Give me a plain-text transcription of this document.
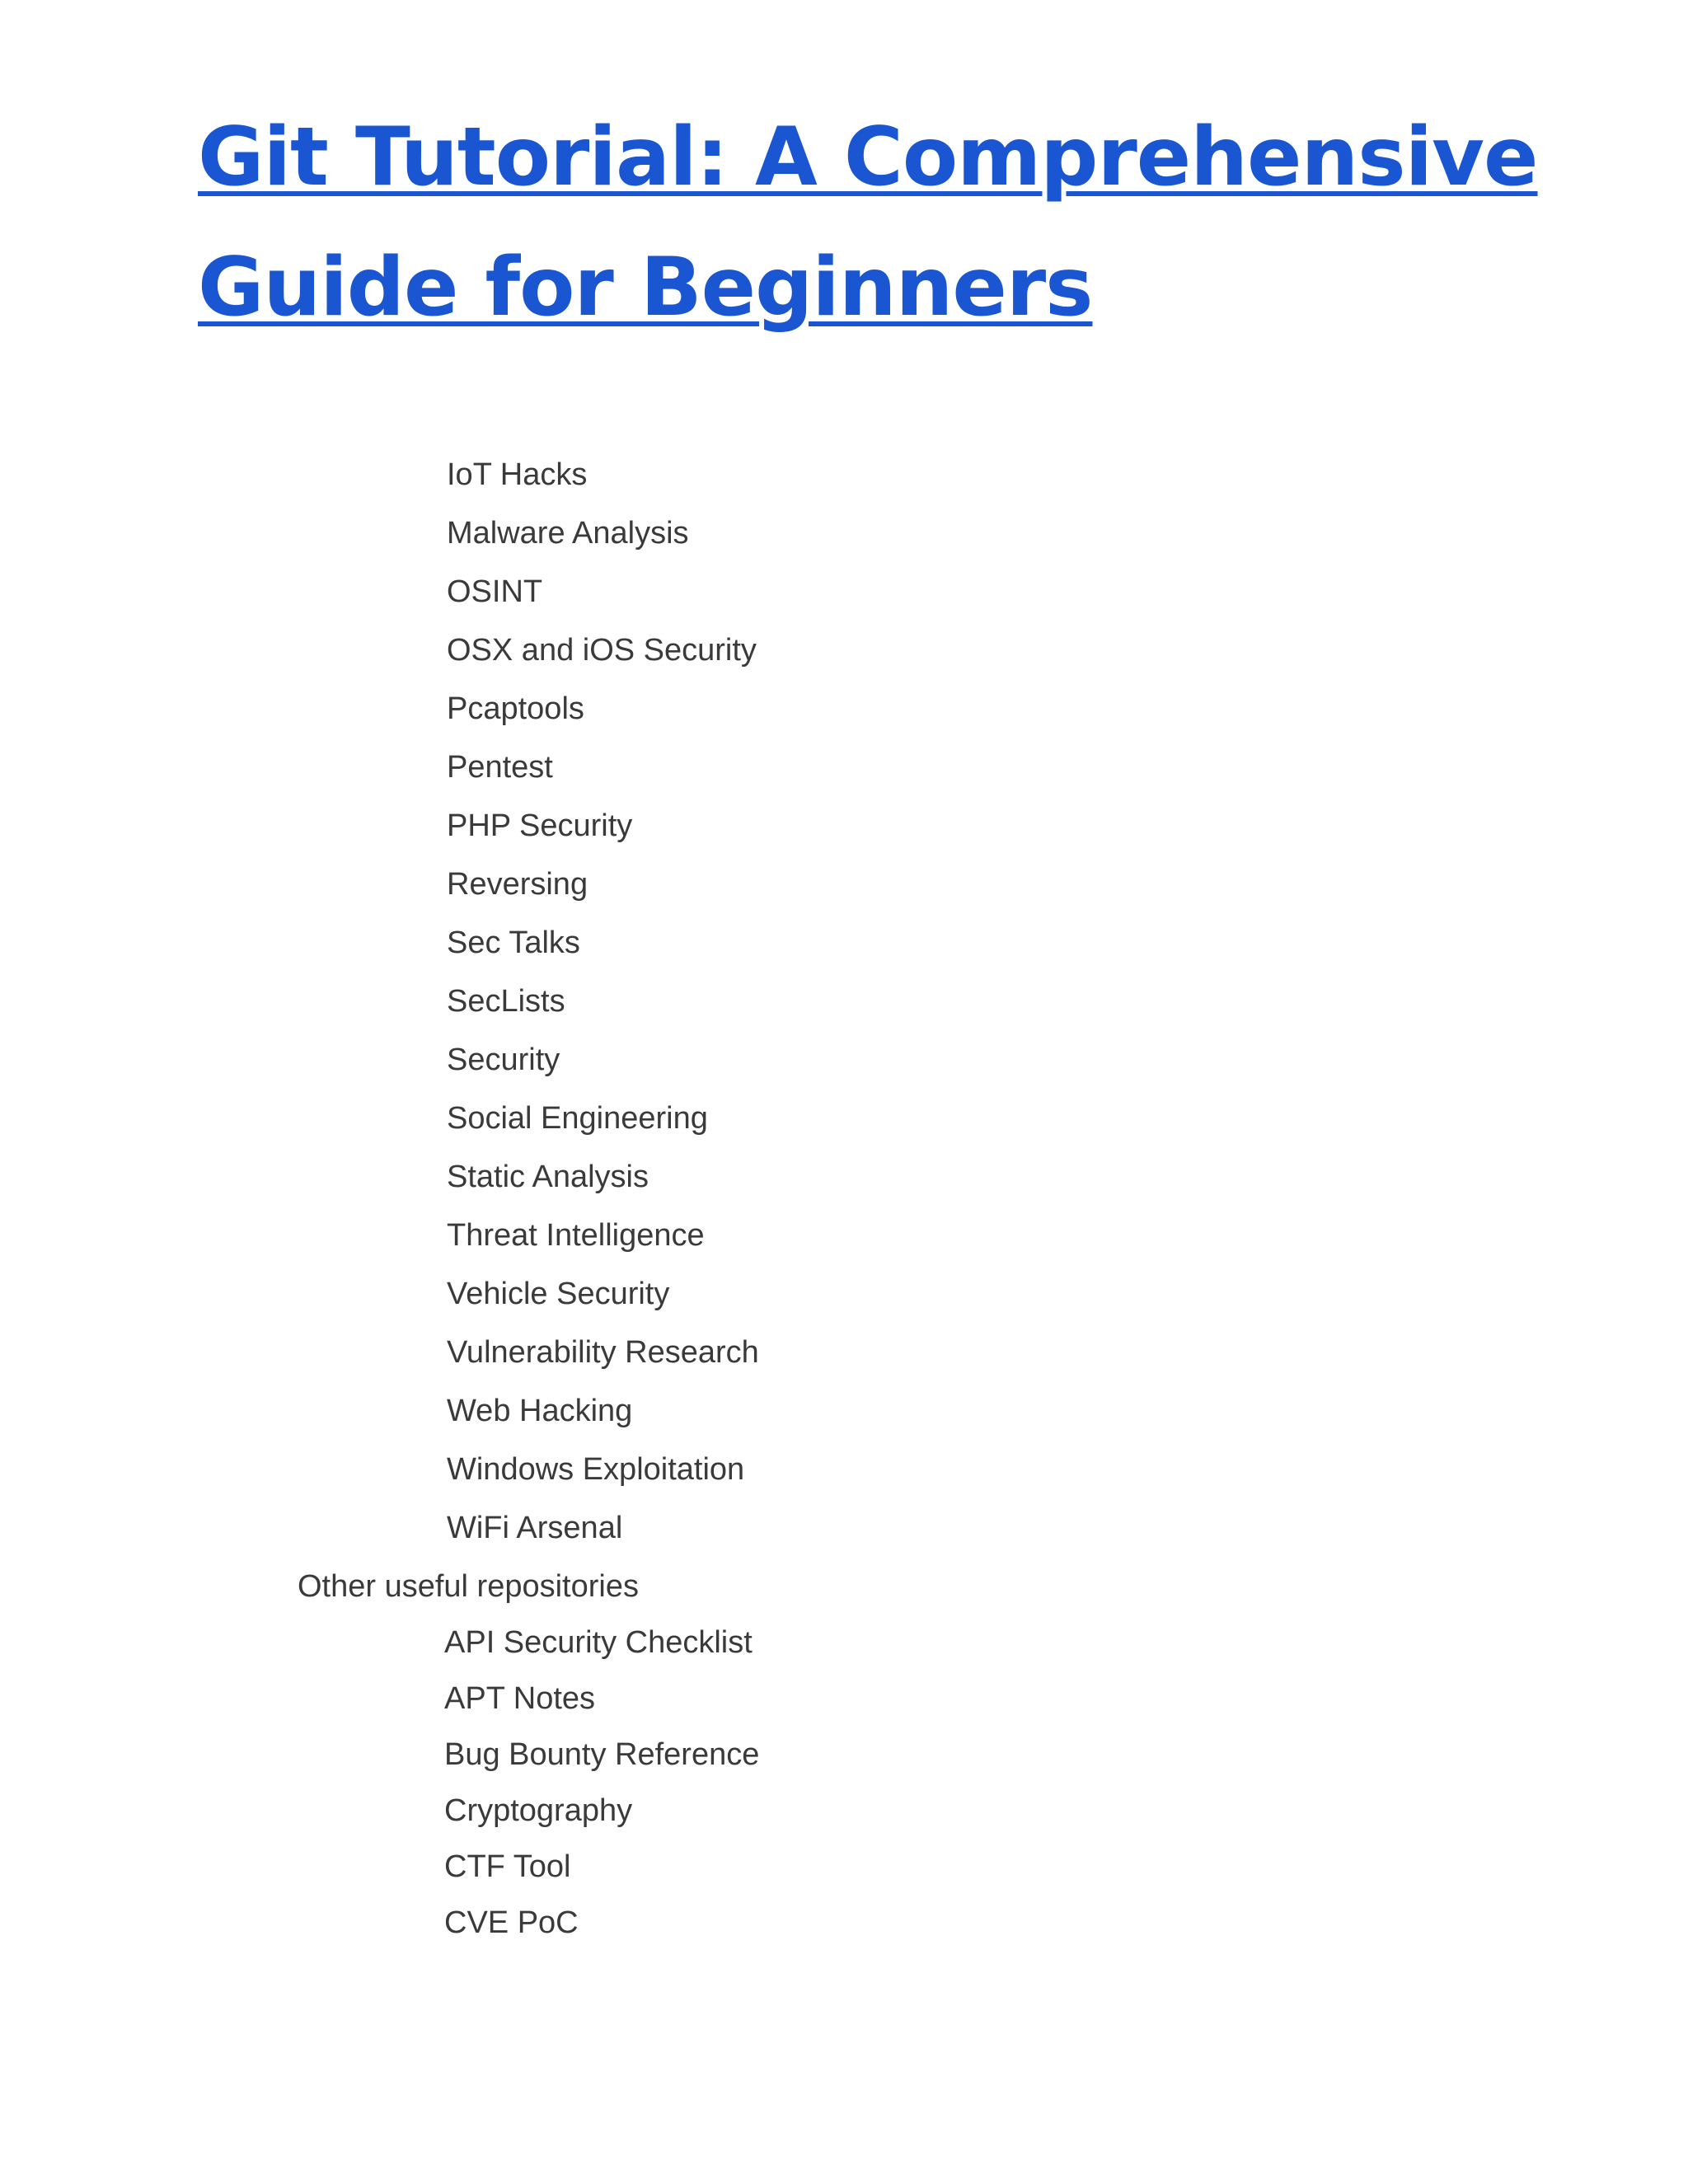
Git Tutorial: A Comprehensive
Guide for Beginners
IoT Hacks
Malware Analysis
OSINT
OSX and iOS Security
Pcaptools
Pentest
PHP Security
Reversing
Sec Talks
SecLists
Security
Social Engineering
Static Analysis
Threat Intelligence
Vehicle Security
Vulnerability Research
Web Hacking
Windows Exploitation
WiFi Arsenal
Other useful repositories
API Security Checklist
APT Notes
Bug Bounty Reference
Cryptography
CTF Tool
CVE PoC
